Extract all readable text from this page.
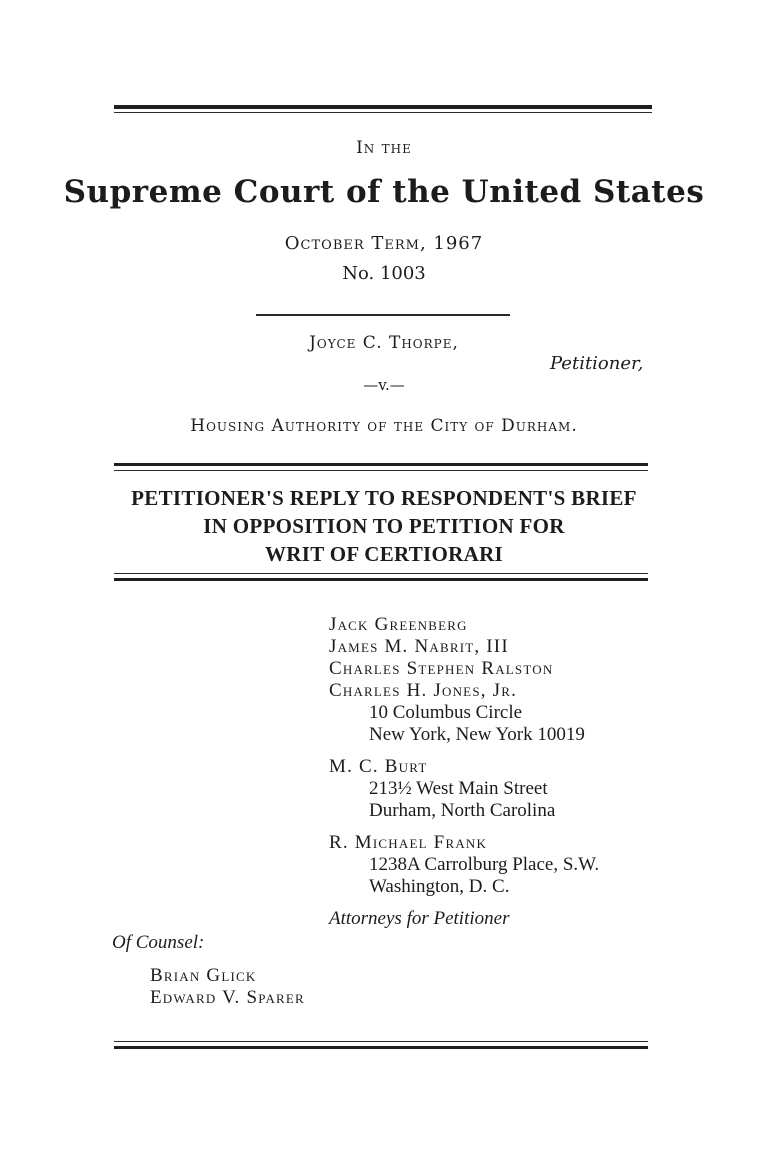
In the
Supreme Court of the United States
October Term, 1967
No. 1003
Joyce C. Thorpe,
Petitioner,
—v.—
Housing Authority of the City of Durham.
PETITIONER'S REPLY TO RESPONDENT'S BRIEF
IN OPPOSITION TO PETITION FOR
WRIT OF CERTIORARI
Jack Greenberg
James M. Nabrit, III
Charles Stephen Ralston
Charles H. Jones, Jr.
10 Columbus Circle
New York, New York 10019
M. C. Burt
213½ West Main Street
Durham, North Carolina
R. Michael Frank
1238A Carrolburg Place, S.W.
Washington, D. C.
Attorneys for Petitioner
Of Counsel:
Brian Glick
Edward V. Sparer
